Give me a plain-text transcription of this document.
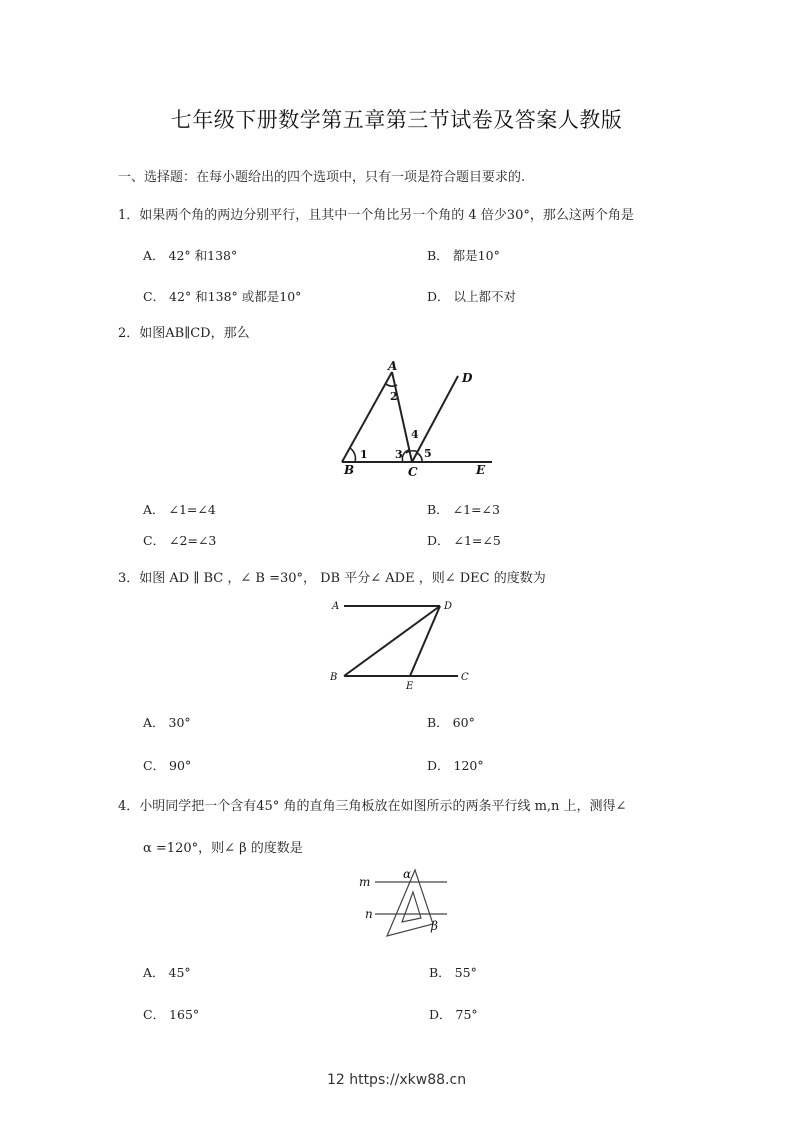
七年级下册数学第五章第三节试卷及答案人教版
一、选择题：在每小题给出的四个选项中，只有一项是符合题目要求的.
1．如果两个角的两边分别平行，且其中一个角比另一个角的 4 倍少30°，那么这两个角是
A． 42° 和138°	B． 都是10°
C． 42° 和138° 或都是10°	D． 以上都不对
2．如图AB∥CD，那么
A
B	C
D
E
1
2
3
4
5
A． ∠1=∠4	B． ∠1=∠3
C． ∠2=∠3	D． ∠1=∠5
3．如图 AD ∥ BC ，∠ B =30°， DB 平分∠ ADE ，则∠ DEC 的度数为
A	D
B
E
C
A． 30°	B． 60°
C． 90°	D． 120°
4．小明同学把一个含有45° 角的直角三角板放在如图所示的两条平行线 m,n 上，测得∠
α =120°，则∠ β 的度数是
m
n
α
β
A． 45°	B． 55°
C． 165°	D． 75°
12 https://xkw88.cn
